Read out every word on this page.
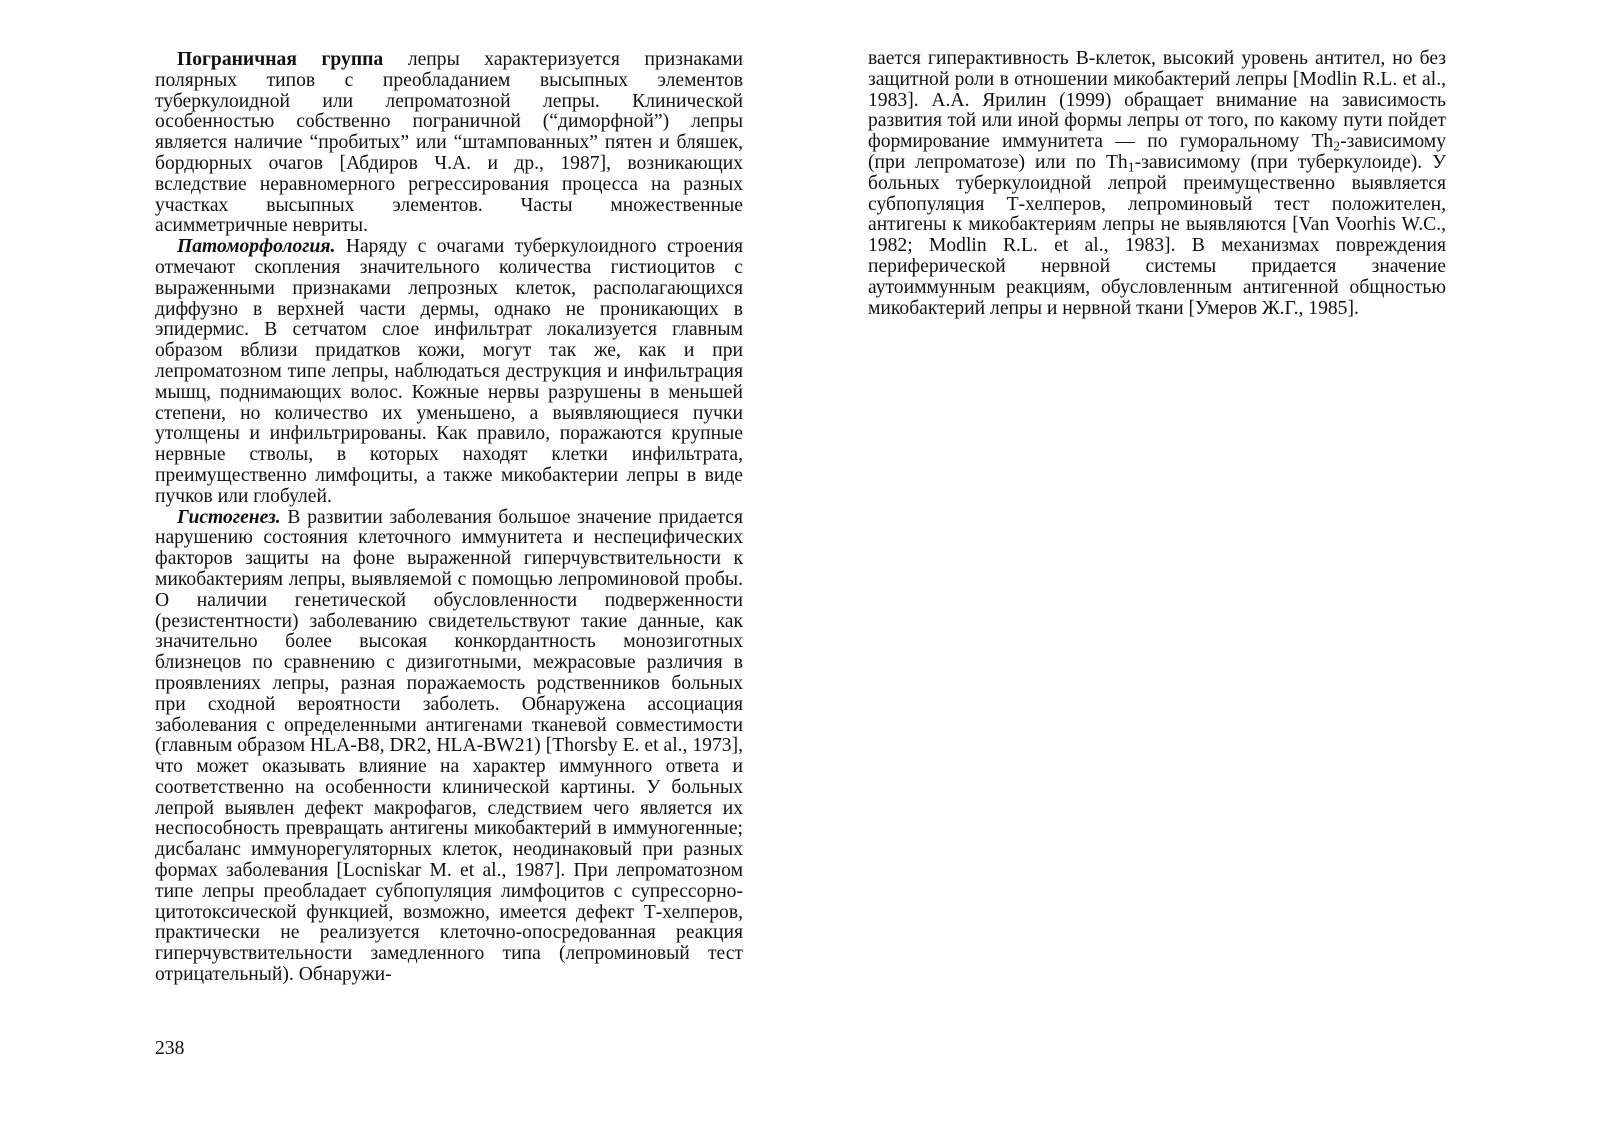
Пограничная группа лепры характеризуется признаками полярных типов с преобладанием высыпных элементов туберкулоидной или лепроматозной лепры. Клинической особенностью собственно пограничной (“диморфной”) лепры является наличие “пробитых” или “штампованных” пятен и бляшек, бордюрных очагов [Абдиров Ч.А. и др., 1987], возникающих вследствие неравномерного регрессирования процесса на разных участках высыпных элементов. Часты множественные асимметричные невриты.

Патоморфология. Наряду с очагами туберкулоидного строения отмечают скопления значительного количества гистиоцитов с выраженными признаками лепрозных клеток, располагающихся диффузно в верхней части дермы, однако не проникающих в эпидермис. В сетчатом слое инфильтрат локализуется главным образом вблизи придатков кожи, могут так же, как и при лепроматозном типе лепры, наблюдаться деструкция и инфильтрация мышц, поднимающих волос. Кожные нервы разрушены в меньшей степени, но количество их уменьшено, а выявляющиеся пучки утолщены и инфильтрированы. Как правило, поражаются крупные нервные стволы, в которых находят клетки инфильтрата, преимущественно лимфоциты, а также микобактерии лепры в виде пучков или глобулей.

Гистогенез. В развитии заболевания большое значение придается нарушению состояния клеточного иммунитета и неспецифических факторов защиты на фоне выраженной гиперчувствительности к микобактериям лепры, выявляемой с помощью лепроминовой пробы. О наличии генетической обусловленности подверженности (резистентности) заболеванию свидетельствуют такие данные, как значительно более высокая конкордантность монозиготных близнецов по сравнению с дизиготными, межрасовые различия в проявлениях лепры, разная поражаемость родственников больных при сходной вероятности заболеть. Обнаружена ассоциация заболевания с определенными антигенами тканевой совместимости (главным образом HLA-B8, DR2, HLA-BW21) [Thorsby E. et al., 1973], что может оказывать влияние на характер иммунного ответа и соответственно на особенности клинической картины. У больных лепрой выявлен дефект макрофагов, следствием чего является их неспособность превращать антигены микобактерий в иммуногенные; дисбаланс иммунорегуляторных клеток, неодинаковый при разных формах заболевания [Locniskar M. et al., 1987]. При лепроматозном типе лепры преобладает субпопуляция лимфоцитов с супрессорно-цитотоксической функцией, возможно, имеется дефект Т-хелперов, практически не реализуется клеточно-опосредованная реакция гиперчувствительности замедленного типа (лепроминовый тест отрицательный). Обнаружи-

238

вается гиперактивность В-клеток, высокий уровень антител, но без защитной роли в отношении микобактерий лепры [Modlin R.L. et al., 1983]. А.А. Ярилин (1999) обращает внимание на зависимость развития той или иной формы лепры от того, по какому пути пойдет формирование иммунитета — по гуморальному $Th_2$-зависимому (при лепроматозе) или по $Th_1$-зависимому (при туберкулоиде). У больных туберкулоидной лепрой преимущественно выявляется субпопуляция Т-хелперов, лепроминовый тест положителен, антигены к микобактериям лепры не выявляются [Van Voorhis W.C., 1982; Modlin R.L. et al., 1983]. В механизмах повреждения периферической нервной системы придается значение аутоиммунным реакциям, обусловленным антигенной общностью микобактерий лепры и нервной ткани [Умеров Ж.Г., 1985].
